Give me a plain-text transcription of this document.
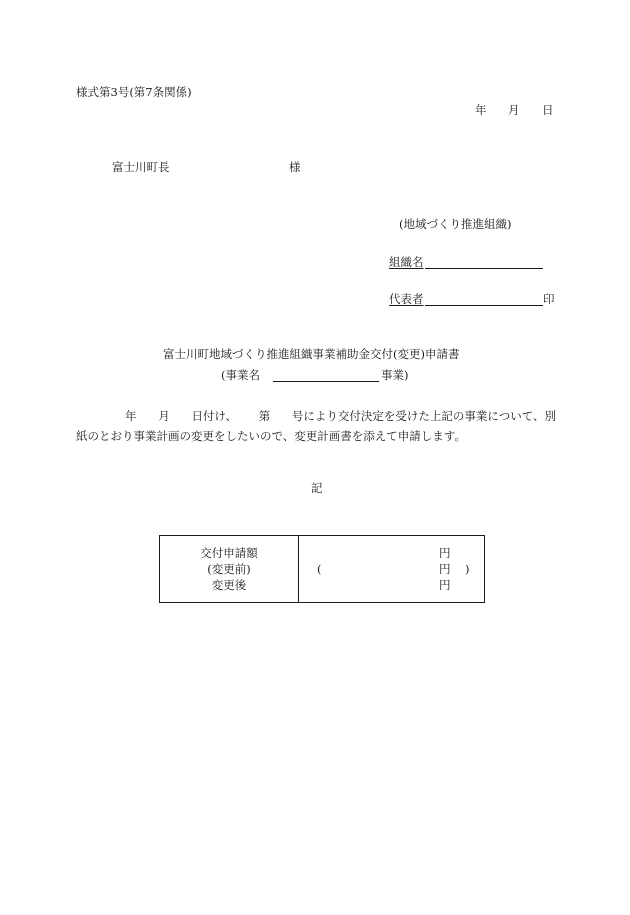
様式第3号(第7条関係)
年 月 日
富士川町長	様
(地域づくり推進組織)
組織名
代表者	印
富士川町地域づくり推進組織事業補助金交付(変更)申請書
(事業名	事業)
年 月 日付け、 第 号により交付決定を受けた上記の事業について、別
紙のとおり事業計画の変更をしたいので、変更計画書を添えて申請します。
記
交付申請額
(変更前)
変更後

円
(	円 )
円
